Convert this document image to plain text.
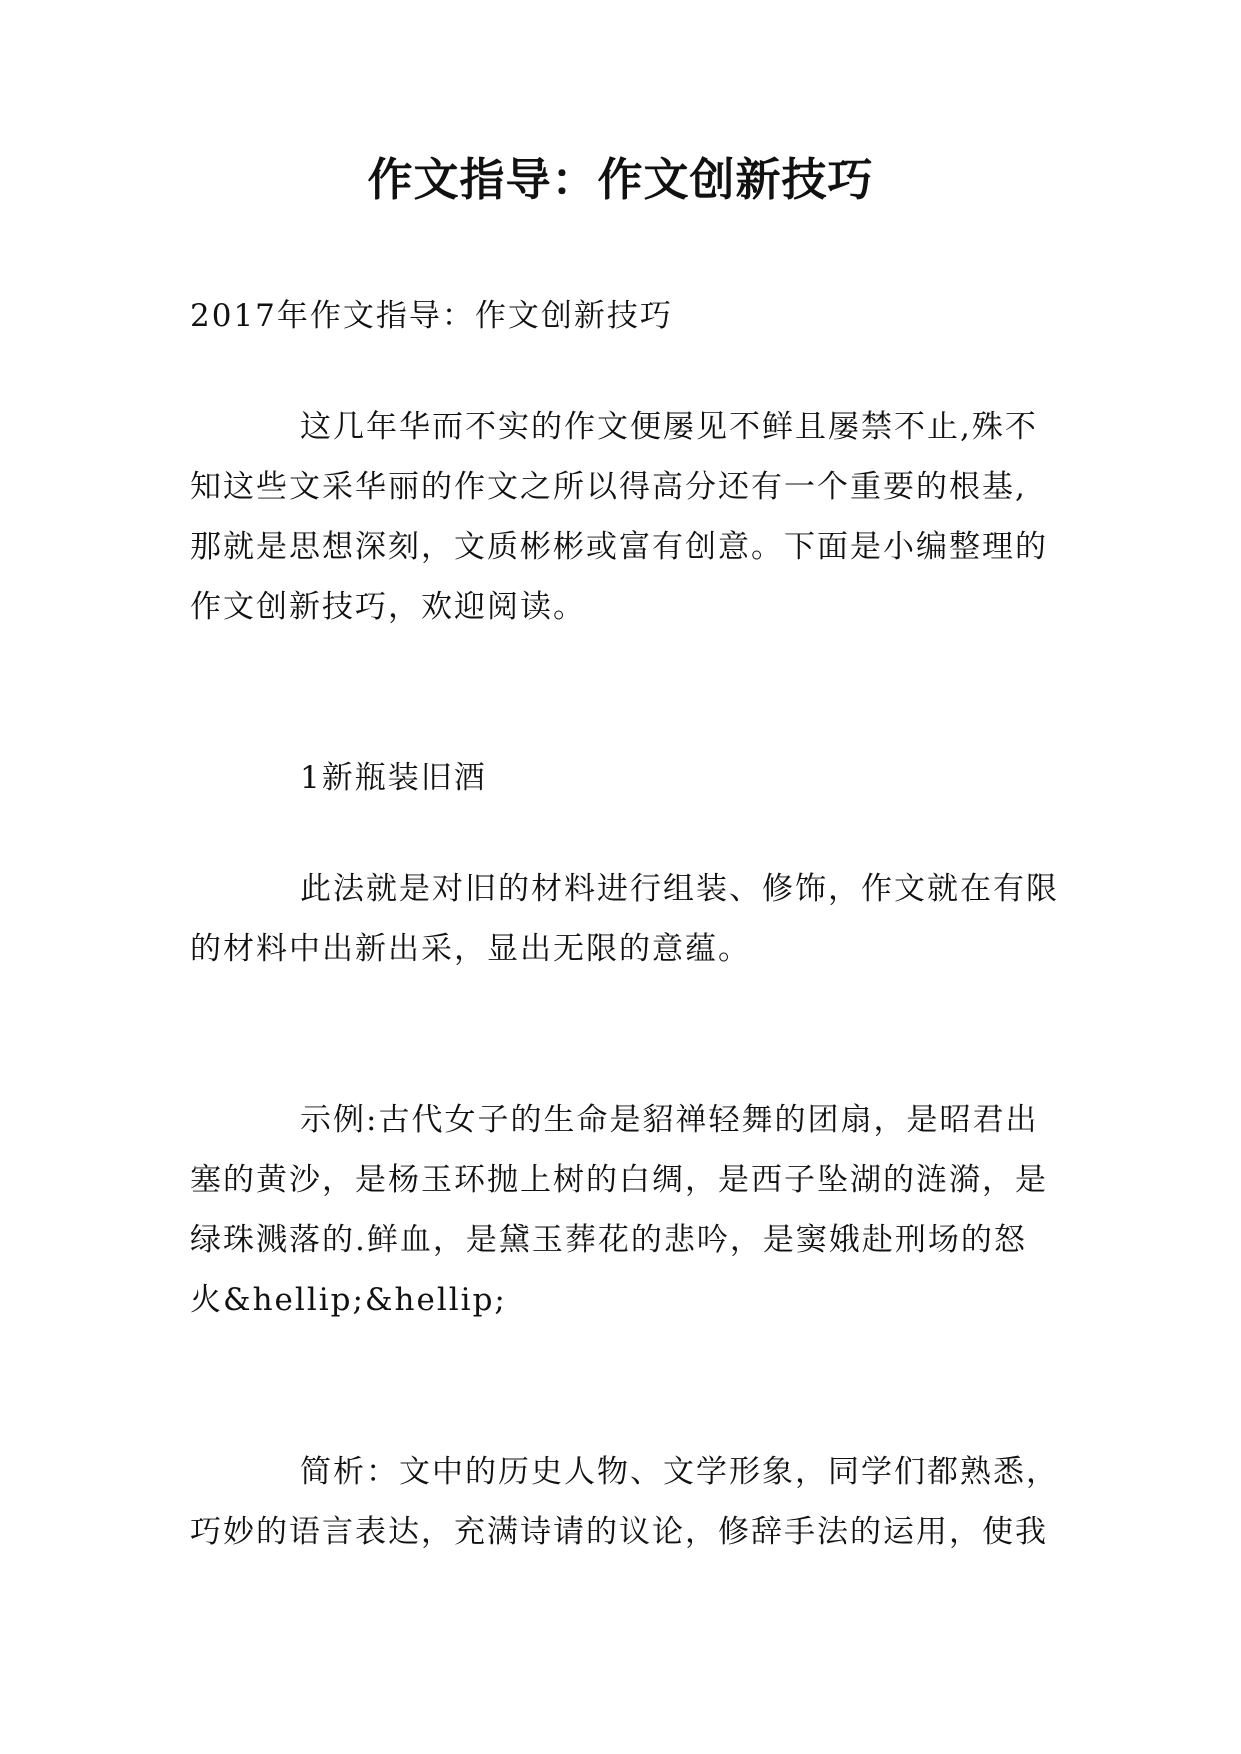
作文指导：作文创新技巧

2017年作文指导：作文创新技巧

这几年华而不实的作文便屡见不鲜且屡禁不止,殊不

知这些文采华丽的作文之所以得高分还有一个重要的根基,

那就是思想深刻，文质彬彬或富有创意。下面是小编整理的

作文创新技巧，欢迎阅读。

1新瓶装旧酒

此法就是对旧的材料进行组装、修饰，作文就在有限

的材料中出新出采，显出无限的意蕴。

示例:古代女子的生命是貂禅轻舞的团扇，是昭君出

塞的黄沙，是杨玉环抛上树的白绸，是西子坠湖的涟漪，是

绿珠溅落的.鲜血，是黛玉葬花的悲吟，是窦娥赴刑场的怒

火&hellip;&hellip;

简析：文中的历史人物、文学形象，同学们都熟悉，

巧妙的语言表达，充满诗请的议论，修辞手法的运用，使我
